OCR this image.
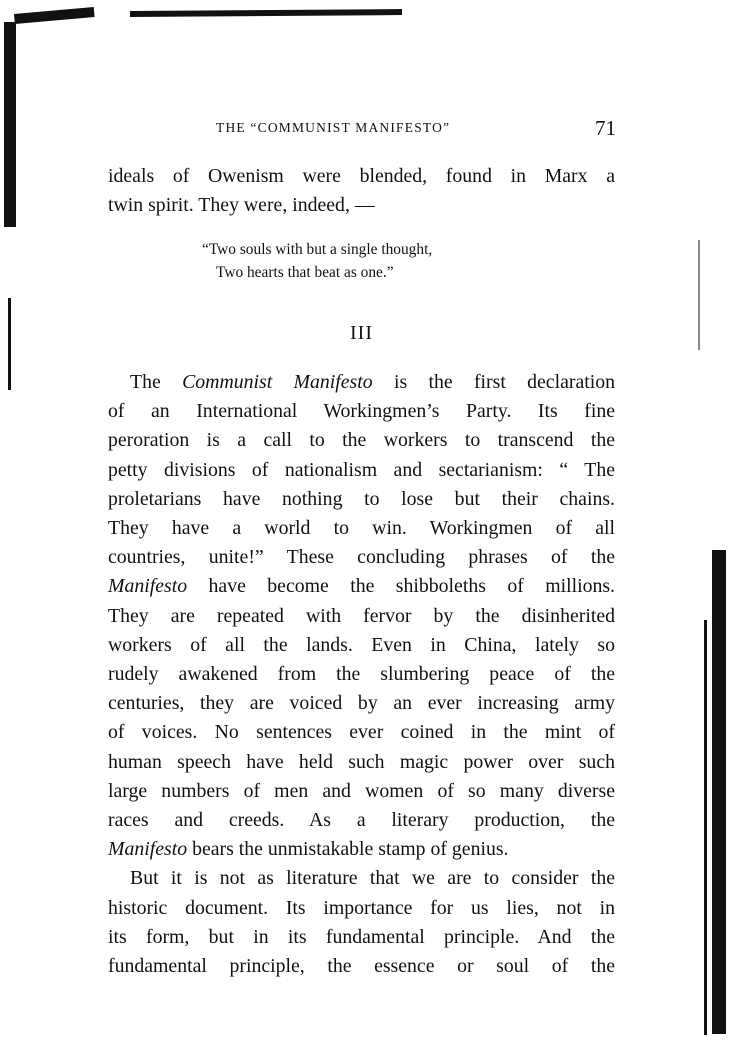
THE “COMMUNIST MANIFESTO”	71
ideals of Owenism were blended, found in Marx a
twin spirit. They were, indeed, —
“Two souls with but a single thought,
Two hearts that beat as one.”
III
The Communist Manifesto is the first declaration
of an International Workingmen’s Party. Its fine
peroration is a call to the workers to transcend the
petty divisions of nationalism and sectarianism: “ The
proletarians have nothing to lose but their chains.
They have a world to win. Workingmen of all
countries, unite!” These concluding phrases of the
Manifesto have become the shibboleths of millions.
They are repeated with fervor by the disinherited
workers of all the lands. Even in China, lately so
rudely awakened from the slumbering peace of the
centuries, they are voiced by an ever increasing army
of voices. No sentences ever coined in the mint of
human speech have held such magic power over such
large numbers of men and women of so many diverse
races and creeds. As a literary production, the
Manifesto bears the unmistakable stamp of genius.
But it is not as literature that we are to consider the
historic document. Its importance for us lies, not in
its form, but in its fundamental principle. And the
fundamental principle, the essence or soul of the
